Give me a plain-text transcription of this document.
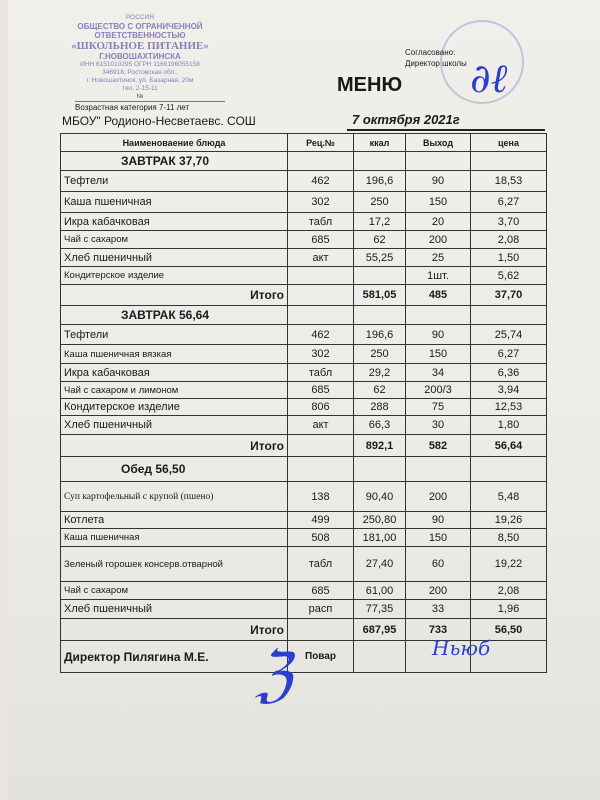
РОССИЯ
ОБЩЕСТВО С ОГРАНИЧЕННОЙ
ОТВЕТСТВЕННОСТЬЮ
«ШКОЛЬНОЕ ПИТАНИЕ»
Г.НОВОШАХТИНСКА
ИНН 6151010295 ОГРН 1166196055158
346918, Ростовская обл.,
г. Новошахтинск, ул. Базарная, 20м
тел. 2-15-11
№	∂ℓ
Согласовано:
Директор школы
МЕНЮ
Возрастная категория 7-11 лет
МБОУ" Родионо-Несветаевс. СОШ	7 октября 2021г
Наименоваение блюда	Рец.№	ккал	Выход	цена
ЗАВТРАК 37,70				
Тефтели	462	196,6	90	18,53
Каша пшеничная	302	250	150	6,27
Икра кабачковая	табл	17,2	20	3,70
Чай с сахаром	685	62	200	2,08
Хлеб пшеничный	акт	55,25	25	1,50
Кондитерское изделие			1шт.	5,62
Итого		581,05	485	37,70
ЗАВТРАК 56,64				
Тефтели	462	196,6	90	25,74
Каша пшеничная вязкая	302	250	150	6,27
Икра кабачковая	табл	29,2	34	6,36
Чай с сахаром и лимоном	685	62	200/3	3,94
Кондитерское изделие	806	288	75	12,53
Хлеб пшеничный	акт	66,3	30	1,80
Итого		892,1	582	56,64
Обед 56,50				
Суп картофельный с крупой (пшено)	138	90,40	200	5,48
Котлета	499	250,80	90	19,26
Каша пшеничная	508	181,00	150	8,50
Зеленый горошек консерв.отварной	табл	27,40	60	19,22
Чай с сахаром	685	61,00	200	2,08
Хлеб пшеничный	расп	77,35	33	1,96
Итого		687,95	733	56,50
Директор Пилягина М.Е.	Повар			
ℨ	Ньюб
